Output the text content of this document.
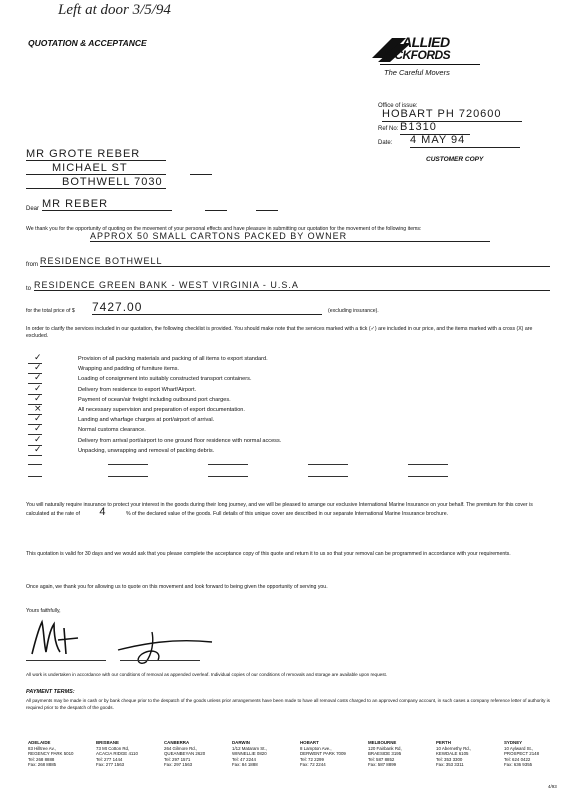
Left at door 3/5/94
QUOTATION & ACCEPTANCE	ALLIED
PICKFORDS
The Careful Movers
Office of issue:
HOBART PH 720600
Ref No: B1310
Date: 4 MAY 94
CUSTOMER COPY
MR GROTE REBER
MICHAEL ST
BOTHWELL 7030
Dear MR REBER
We thank you for the opportunity of quoting on the movement of your personal effects and have pleasure in submitting our quotation for the movement of the following items:
APPROX 50 SMALL CARTONS PACKED BY OWNER
from RESIDENCE BOTHWELL
to RESIDENCE GREEN BANK - WEST VIRGINIA - U.S.A
for the total price of $ 7427.00	(excluding insurance).
In order to clarify the services included in our quotation, the following checklist is provided. You should make note that the services marked with a tick (✓) are included in our price, and the items marked with a cross (X) are excluded.
✓	Provision of all packing materials and packing of all items to export standard.
✓	Wrapping and padding of furniture items.
✓	Loading of consignment into suitably constructed transport containers.
✓	Delivery from residence to export Wharf/Airport.
✓	Payment of ocean/air freight including outbound port charges.
×	All necessary supervision and preparation of export documentation.
✓	Landing and wharfage charges at port/airport of arrival.
✓	Normal customs clearance.
✓	Delivery from arrival port/airport to one ground floor residence with normal access.
✓	Unpacking, unwrapping and removal of packing debris.
You will naturally require insurance to protect your interest in the goods during their long journey, and we will be pleased to arrange our exclusive International Marine Insurance on your behalf. The premium for this cover is calculated at the rate of 4	% of the declared value of the goods. Full details of this unique cover are described in our separate International Marine Insurance brochure.
This quotation is valid for 30 days and we would ask that you please complete the acceptance copy of this quote and return it to us so that your removal can be programmed in accordance with your requirements.
Once again, we thank you for allowing us to quote on this movement and look forward to being given the opportunity of serving you.
Yours faithfully,
All work is undertaken in accordance with our conditions of removal as appended overleaf. Individual copies of our conditions of removals and storage are available upon request.
PAYMENT TERMS:
All payments may be made in cash or by bank cheque prior to the despatch of the goods unless prior arrangements have been made to have all removal costs charged to an approved company account, in such cases a company reference letter of authority is required prior to the despatch of the goods.
ADELAIDE
83 Hilltree Av.,
REGENCY PARK 5010
Tel: 268 8888
Fax: 268 8885
BRISBANE
73 Mt Cotton Rd,
ACACIA RIDGE 4110
Tel: 277 1444
Fax: 277 1563
CANBERRA
264 Gilmore Rd.,
QUEANBEYAN 2620
Tel: 297 1571
Fax: 297 1563
DARWIN
1/12 Mataram St.,
WINNELLIE 0820
Tel: 47 2244
Fax: 84 1888
HOBART
8 Lampton Ave.,
DERWENT PARK 7009
Tel: 72 2299
Fax: 72 2244
MELBOURNE
120 Fairbank Rd,
BRAESIDE 3195
Tel: 587 8852
Fax: 587 8899
PERTH
10 Abernethy Rd.,
KEWDALE 6105
Tel: 353 3300
Fax: 353 3311
SYDNEY
10 Aylward St.,
PROSPECT 2148
Tel: 624 0422
Fax: 636 9355
4/93
